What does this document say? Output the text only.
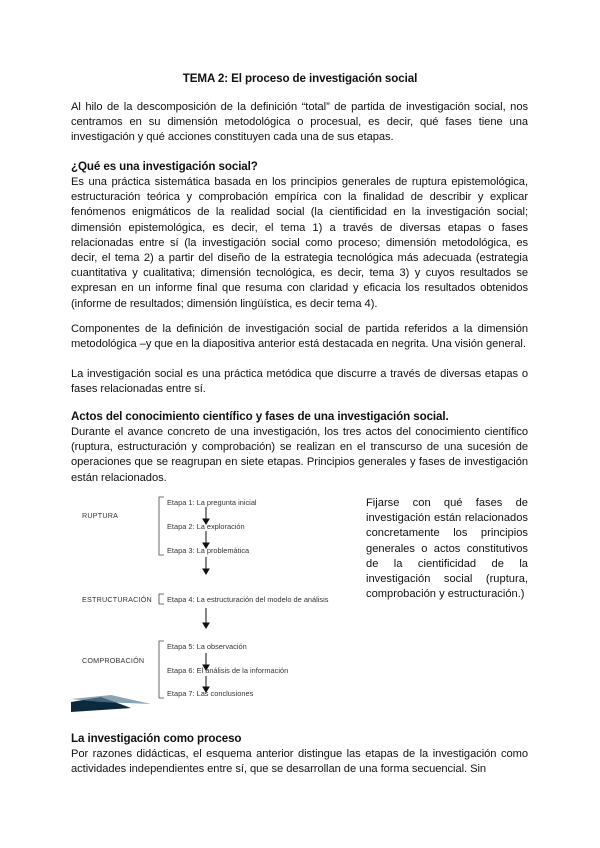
TEMA 2: El proceso de investigación social

Al hilo de la descomposición de la definición “total” de partida de investigación social, nos centramos en su dimensión metodológica o procesual, es decir, qué fases tiene una investigación y qué acciones constituyen cada una de sus etapas.

¿Qué es una investigación social?

Es una práctica sistemática basada en los principios generales de ruptura epistemológica, estructuración teórica y comprobación empírica con la finalidad de describir y explicar fenómenos enigmáticos de la realidad social (la cientificidad en la investigación social; dimensión epistemológica, es decir, el tema 1) a través de diversas etapas o fases relacionadas entre sí (la investigación social como proceso; dimensión metodológica, es decir, el tema 2) a partir del diseño de la estrategia tecnológica más adecuada (estrategia cuantitativa y cualitativa; dimensión tecnológica, es decir, tema 3) y cuyos resultados se expresan en un informe final que resuma con claridad y eficacia los resultados obtenidos (informe de resultados; dimensión lingüística, es decir tema 4).

Componentes de la definición de investigación social de partida referidos a la dimensión metodológica –y que en la diapositiva anterior está destacada en negrita. Una visión general.

La investigación social es una práctica metódica que discurre a través de diversas etapas o fases relacionadas entre sí.

Actos del conocimiento científico y fases de una investigación social.

Durante el avance concreto de una investigación, los tres actos del conocimiento científico (ruptura, estructuración y comprobación) se realizan en el transcurso de una sucesión de operaciones que se reagrupan en siete etapas. Principios generales y fases de investigación están relacionados.

RUPTURA
ESTRUCTURACIÓN
COMPROBACIÓN
Etapa 1: La pregunta inicial
Etapa 2: La exploración
Etapa 3: La problemática
Etapa 4: La estructuración del modelo de análisis
Etapa 5: La observación
Etapa 6: El análisis de la información
Etapa 7: Las conclusiones

Fijarse con qué fases de investigación están relacionados concretamente los principios generales o actos constitutivos de la cientificidad de la investigación social (ruptura, comprobación y estructuración.)

La investigación como proceso

Por razones didácticas, el esquema anterior distingue las etapas de la investigación como actividades independientes entre sí, que se desarrollan de una forma secuencial. Sin
